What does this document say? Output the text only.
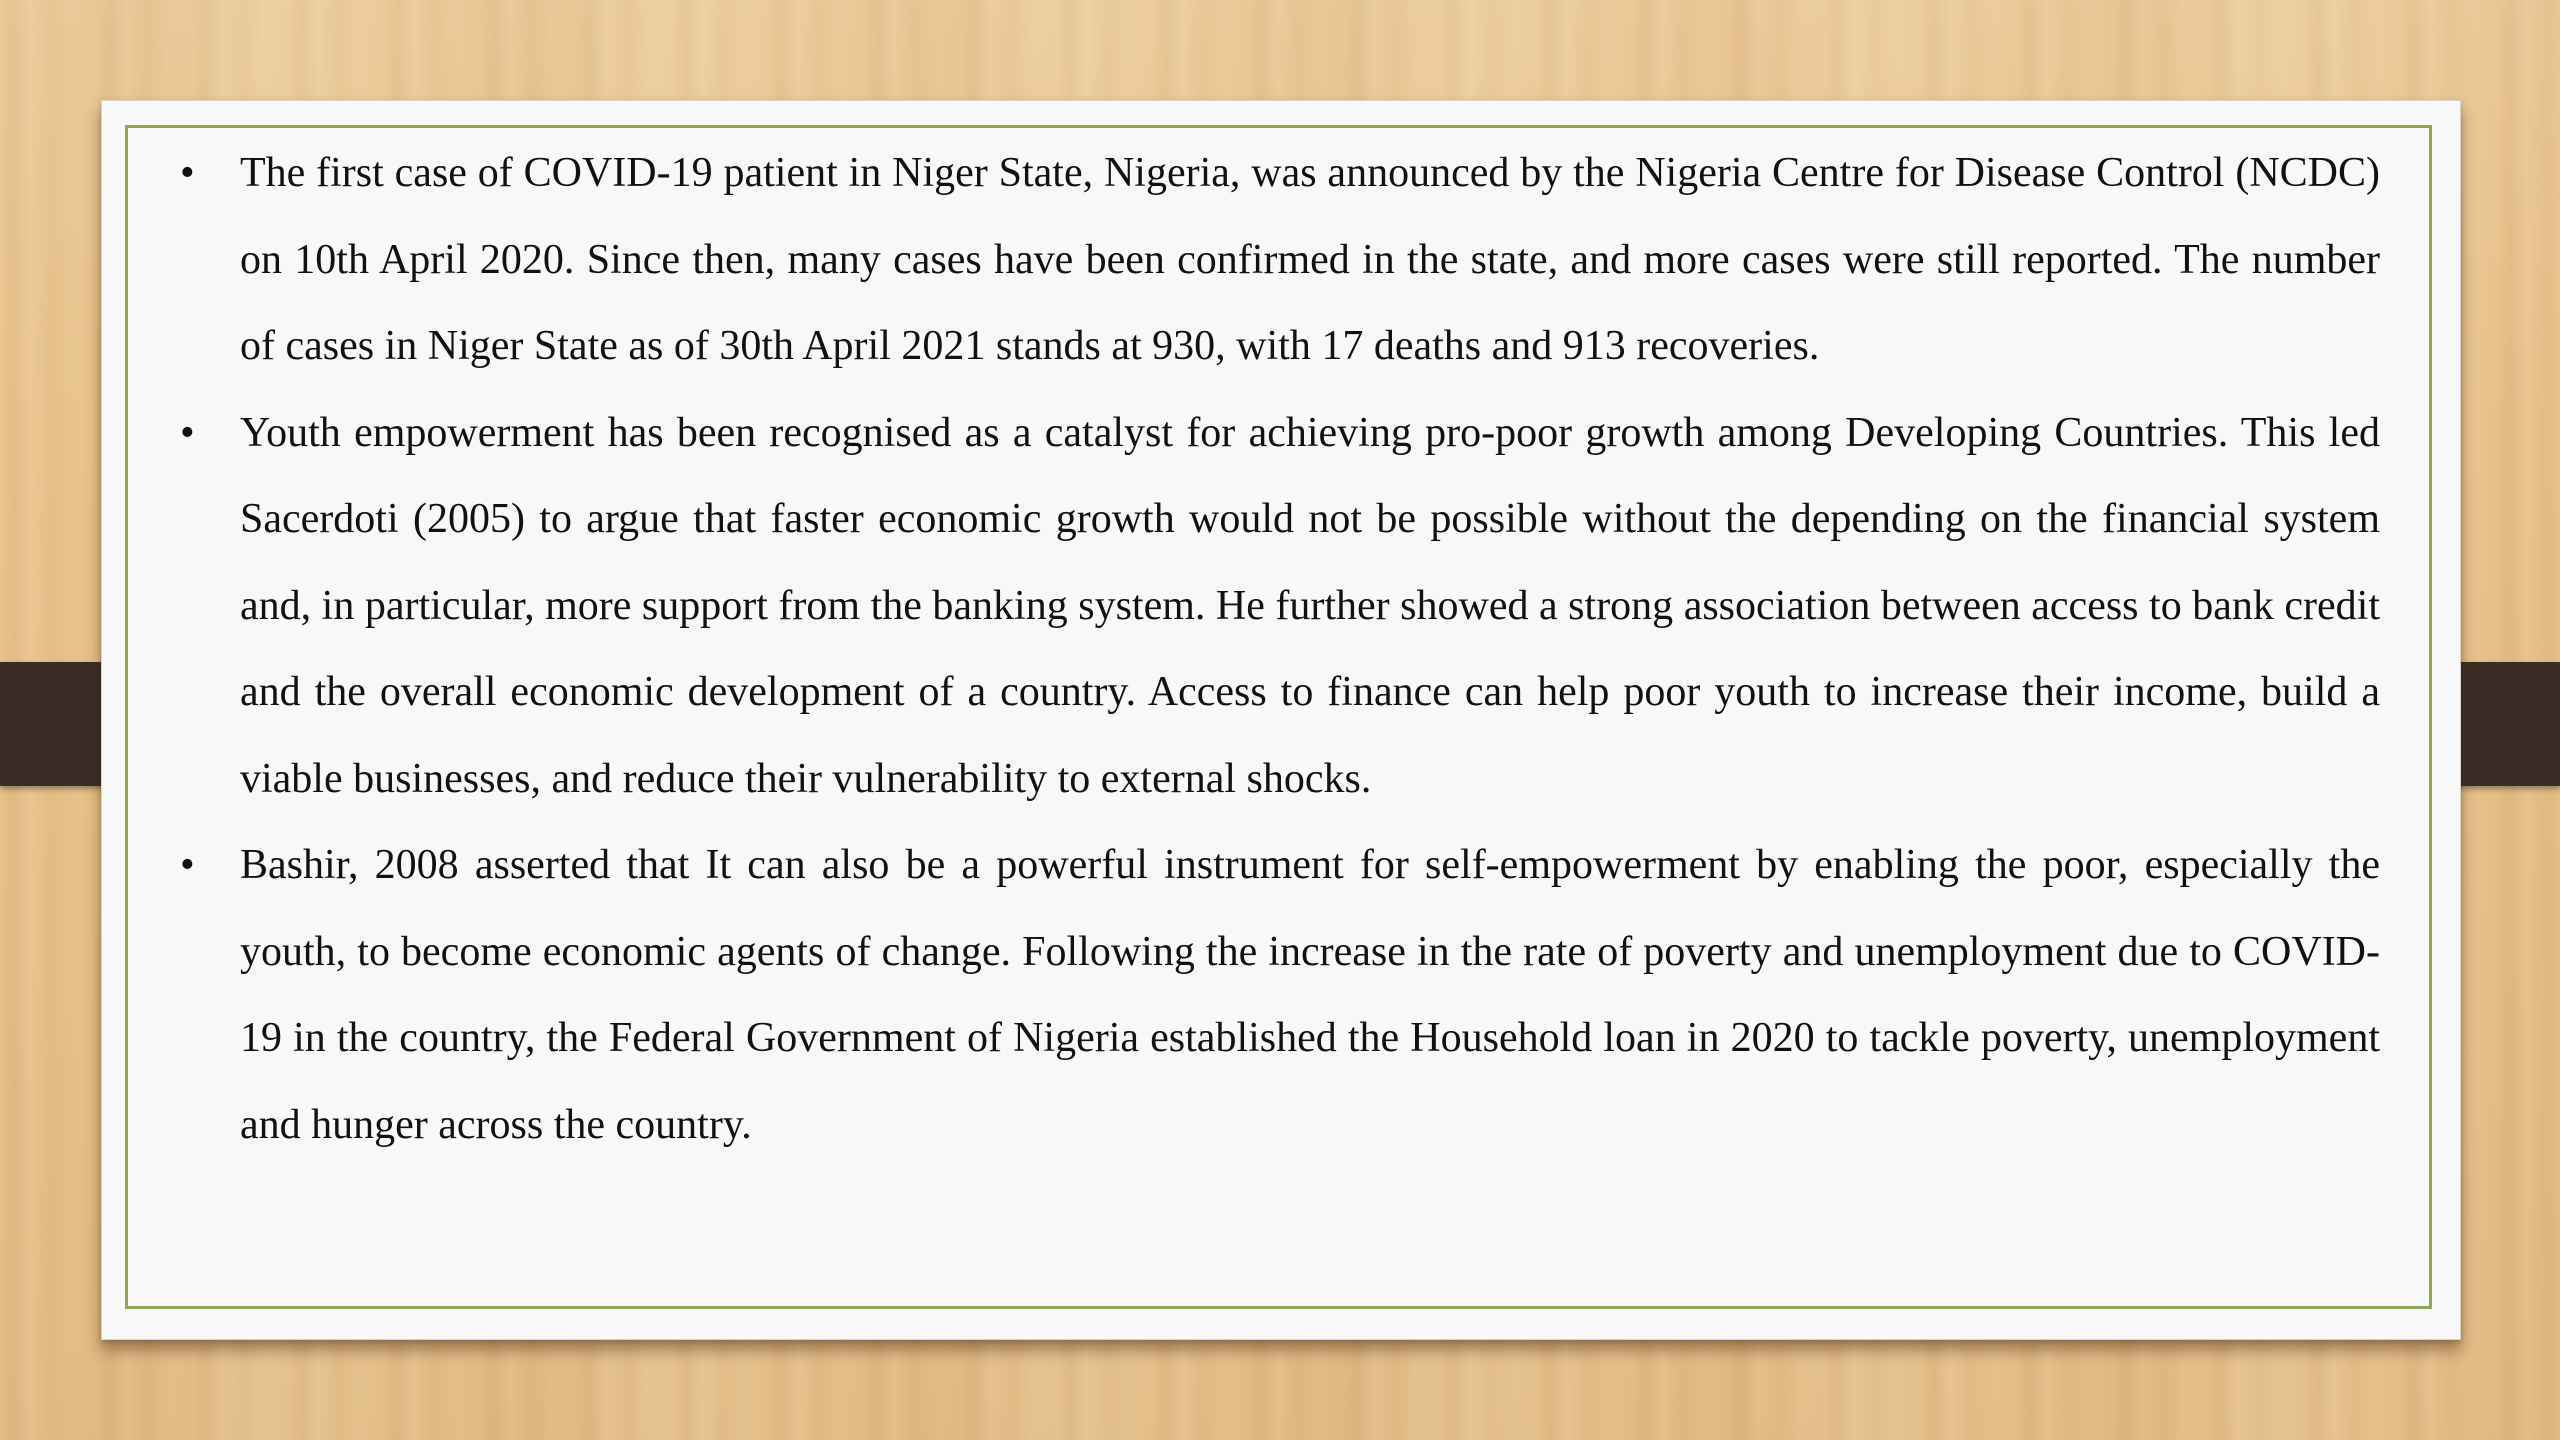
• The first case of COVID-19 patient in Niger State, Nigeria, was announced by the Nigeria Centre for Disease Control (NCDC) on 10th April 2020. Since then, many cases have been confirmed in the state, and more cases were still reported. The number of cases in Niger State as of 30th April 2021 stands at 930, with 17 deaths and 913 recoveries.
• Youth empowerment has been recognised as a catalyst for achieving pro-poor growth among Developing Countries. This led Sacerdoti (2005) to argue that faster economic growth would not be possible without the depending on the financial system and, in particular, more support from the banking system. He further showed a strong association between access to bank credit and the overall economic development of a country. Access to finance can help poor youth to increase their income, build a viable businesses, and reduce their vulnerability to external shocks.
• Bashir, 2008 asserted that It can also be a powerful instrument for self-empowerment by enabling the poor, especially the youth, to become economic agents of change. Following the increase in the rate of poverty and unemployment due to COVID-19 in the country, the Federal Government of Nigeria established the Household loan in 2020 to tackle poverty, unemployment and hunger across the country.
